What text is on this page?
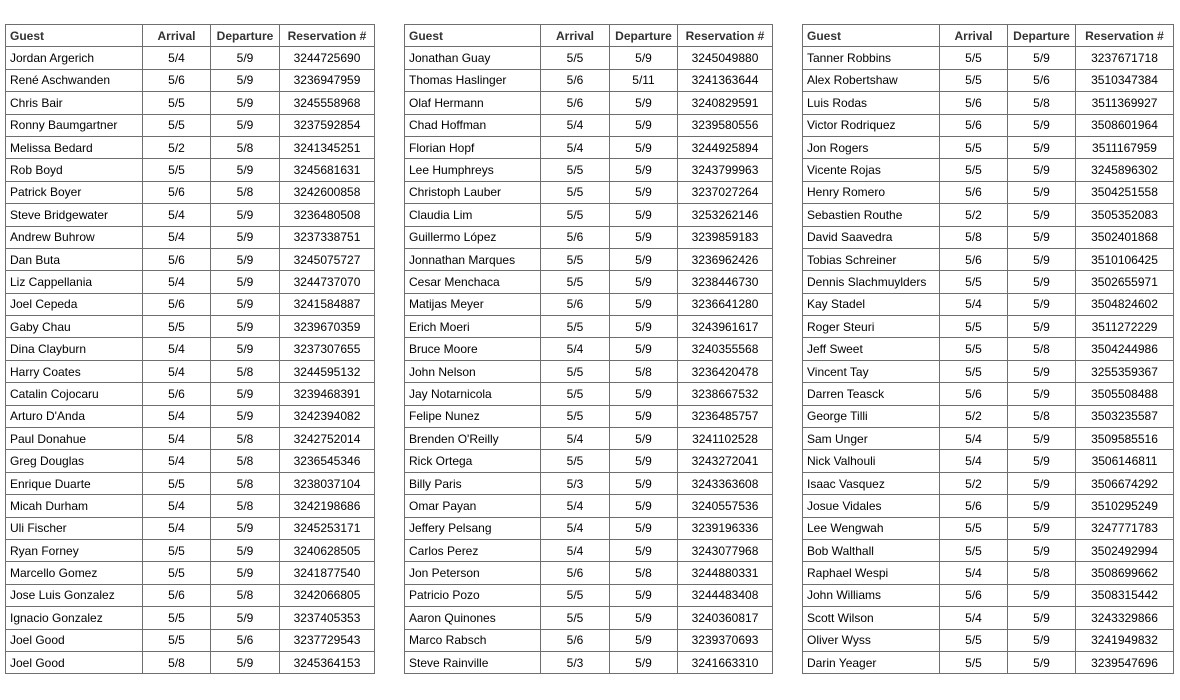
Guest	Arrival	Departure	Reservation #
Jordan Argerich	5/4	5/9	3244725690
René Aschwanden	5/6	5/9	3236947959
Chris Bair	5/5	5/9	3245558968
Ronny Baumgartner	5/5	5/9	3237592854
Melissa Bedard	5/2	5/8	3241345251
Rob Boyd	5/5	5/9	3245681631
Patrick Boyer	5/6	5/8	3242600858
Steve Bridgewater	5/4	5/9	3236480508
Andrew Buhrow	5/4	5/9	3237338751
Dan Buta	5/6	5/9	3245075727
Liz Cappellania	5/4	5/9	3244737070
Joel Cepeda	5/6	5/9	3241584887
Gaby Chau	5/5	5/9	3239670359
Dina Clayburn	5/4	5/9	3237307655
Harry Coates	5/4	5/8	3244595132
Catalin Cojocaru	5/6	5/9	3239468391
Arturo D'Anda	5/4	5/9	3242394082
Paul Donahue	5/4	5/8	3242752014
Greg Douglas	5/4	5/8	3236545346
Enrique Duarte	5/5	5/8	3238037104
Micah Durham	5/4	5/8	3242198686
Uli Fischer	5/4	5/9	3245253171
Ryan Forney	5/5	5/9	3240628505
Marcello Gomez	5/5	5/9	3241877540
Jose Luis Gonzalez	5/6	5/8	3242066805
Ignacio Gonzalez	5/5	5/9	3237405353
Joel Good	5/5	5/6	3237729543
Joel Good	5/8	5/9	3245364153
Guest	Arrival	Departure	Reservation #
Jonathan Guay	5/5	5/9	3245049880
Thomas Haslinger	5/6	5/11	3241363644
Olaf Hermann	5/6	5/9	3240829591
Chad Hoffman	5/4	5/9	3239580556
Florian Hopf	5/4	5/9	3244925894
Lee Humphreys	5/5	5/9	3243799963
Christoph Lauber	5/5	5/9	3237027264
Claudia Lim	5/5	5/9	3253262146
Guillermo López	5/6	5/9	3239859183
Jonnathan Marques	5/5	5/9	3236962426
Cesar Menchaca	5/5	5/9	3238446730
Matijas Meyer	5/6	5/9	3236641280
Erich Moeri	5/5	5/9	3243961617
Bruce Moore	5/4	5/9	3240355568
John Nelson	5/5	5/8	3236420478
Jay Notarnicola	5/5	5/9	3238667532
Felipe Nunez	5/5	5/9	3236485757
Brenden O'Reilly	5/4	5/9	3241102528
Rick Ortega	5/5	5/9	3243272041
Billy Paris	5/3	5/9	3243363608
Omar Payan	5/4	5/9	3240557536
Jeffery Pelsang	5/4	5/9	3239196336
Carlos Perez	5/4	5/9	3243077968
Jon Peterson	5/6	5/8	3244880331
Patricio Pozo	5/5	5/9	3244483408
Aaron Quinones	5/5	5/9	3240360817
Marco Rabsch	5/6	5/9	3239370693
Steve Rainville	5/3	5/9	3241663310
Guest	Arrival	Departure	Reservation #
Tanner Robbins	5/5	5/9	3237671718
Alex Robertshaw	5/5	5/6	3510347384
Luis Rodas	5/6	5/8	3511369927
Victor Rodriquez	5/6	5/9	3508601964
Jon Rogers	5/5	5/9	3511167959
Vicente Rojas	5/5	5/9	3245896302
Henry Romero	5/6	5/9	3504251558
Sebastien Routhe	5/2	5/9	3505352083
David Saavedra	5/8	5/9	3502401868
Tobias Schreiner	5/6	5/9	3510106425
Dennis Slachmuylders	5/5	5/9	3502655971
Kay Stadel	5/4	5/9	3504824602
Roger Steuri	5/5	5/9	3511272229
Jeff Sweet	5/5	5/8	3504244986
Vincent Tay	5/5	5/9	3255359367
Darren Teasck	5/6	5/9	3505508488
George Tilli	5/2	5/8	3503235587
Sam Unger	5/4	5/9	3509585516
Nick Valhouli	5/4	5/9	3506146811
Isaac Vasquez	5/2	5/9	3506674292
Josue Vidales	5/6	5/9	3510295249
Lee Wengwah	5/5	5/9	3247771783
Bob Walthall	5/5	5/9	3502492994
Raphael Wespi	5/4	5/8	3508699662
John Williams	5/6	5/9	3508315442
Scott Wilson	5/4	5/9	3243329866
Oliver Wyss	5/5	5/9	3241949832
Darin Yeager	5/5	5/9	3239547696
